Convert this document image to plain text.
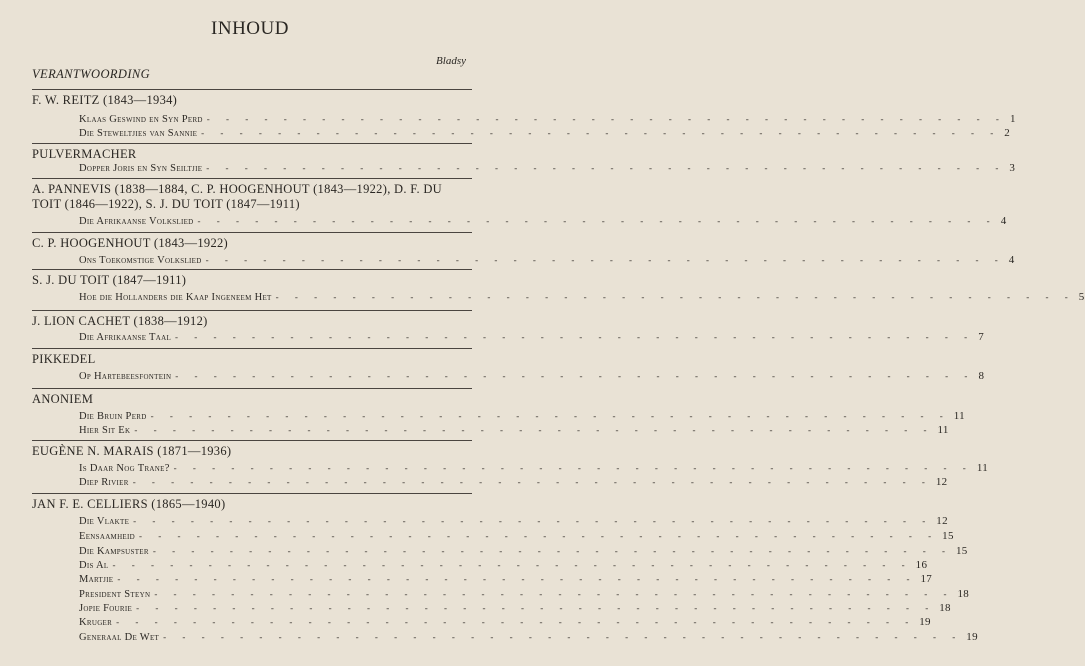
INHOUD
Bladsy
VERANTWOORDING
F. W. REITZ (1843—1934)
Klaas Geswind en Syn Perd - - - - - - - - - - - - - - - - - - - - - - - - - - - - - - - - - - - - - - - - - - 1
Die Steweltjies van Sannie - - - - - - - - - - - - - - - - - - - - - - - - - - - - - - - - - - - - - - - - - - 2
PULVERMACHER
Dopper Joris en Syn Seiltjie - - - - - - - - - - - - - - - - - - - - - - - - - - - - - - - - - - - - - - - - - - 3
A. PANNEVIS (1838—1884, C. P. HOOGENHOUT (1843—1922), D. F. DU TOIT (1846—1922), S. J. DU TOIT (1847—1911)
Die Afrikaanse Volkslied - - - - - - - - - - - - - - - - - - - - - - - - - - - - - - - - - - - - - - - - - - 4
C. P. HOOGENHOUT (1843—1922)
Ons Toekomstige Volkslied - - - - - - - - - - - - - - - - - - - - - - - - - - - - - - - - - - - - - - - - - - 4
S. J. DU TOIT (1847—1911)
Hoe die Hollanders die Kaap Ingeneem Het - - - - - - - - - - - - - - - - - - - - - - - - - - - - - - - - - - - - - - - - - - 5
J. LION CACHET (1838—1912)
Die Afrikaanse Taal - - - - - - - - - - - - - - - - - - - - - - - - - - - - - - - - - - - - - - - - - - 7
PIKKEDEL
Op Hartebeesfontein - - - - - - - - - - - - - - - - - - - - - - - - - - - - - - - - - - - - - - - - - - 8
ANONIEM
Die Bruin Perd - - - - - - - - - - - - - - - - - - - - - - - - - - - - - - - - - - - - - - - - - - 11
Hier Sit Ek - - - - - - - - - - - - - - - - - - - - - - - - - - - - - - - - - - - - - - - - - - 11
EUGÈNE N. MARAIS (1871—1936)
Is Daar Nog Trane? - - - - - - - - - - - - - - - - - - - - - - - - - - - - - - - - - - - - - - - - - - 11
Diep Rivier - - - - - - - - - - - - - - - - - - - - - - - - - - - - - - - - - - - - - - - - - - 12
JAN F. E. CELLIERS (1865—1940)
Die Vlakte - - - - - - - - - - - - - - - - - - - - - - - - - - - - - - - - - - - - - - - - - - 12
Eensaamheid - - - - - - - - - - - - - - - - - - - - - - - - - - - - - - - - - - - - - - - - - - 15
Die Kampsuster - - - - - - - - - - - - - - - - - - - - - - - - - - - - - - - - - - - - - - - - - - 15
Dis Al - - - - - - - - - - - - - - - - - - - - - - - - - - - - - - - - - - - - - - - - - - 16
Martjie - - - - - - - - - - - - - - - - - - - - - - - - - - - - - - - - - - - - - - - - - - 17
President Steyn - - - - - - - - - - - - - - - - - - - - - - - - - - - - - - - - - - - - - - - - - - 18
Jopie Fourie - - - - - - - - - - - - - - - - - - - - - - - - - - - - - - - - - - - - - - - - - - 18
Kruger - - - - - - - - - - - - - - - - - - - - - - - - - - - - - - - - - - - - - - - - - - 19
Generaal De Wet - - - - - - - - - - - - - - - - - - - - - - - - - - - - - - - - - - - - - - - - - - 19
